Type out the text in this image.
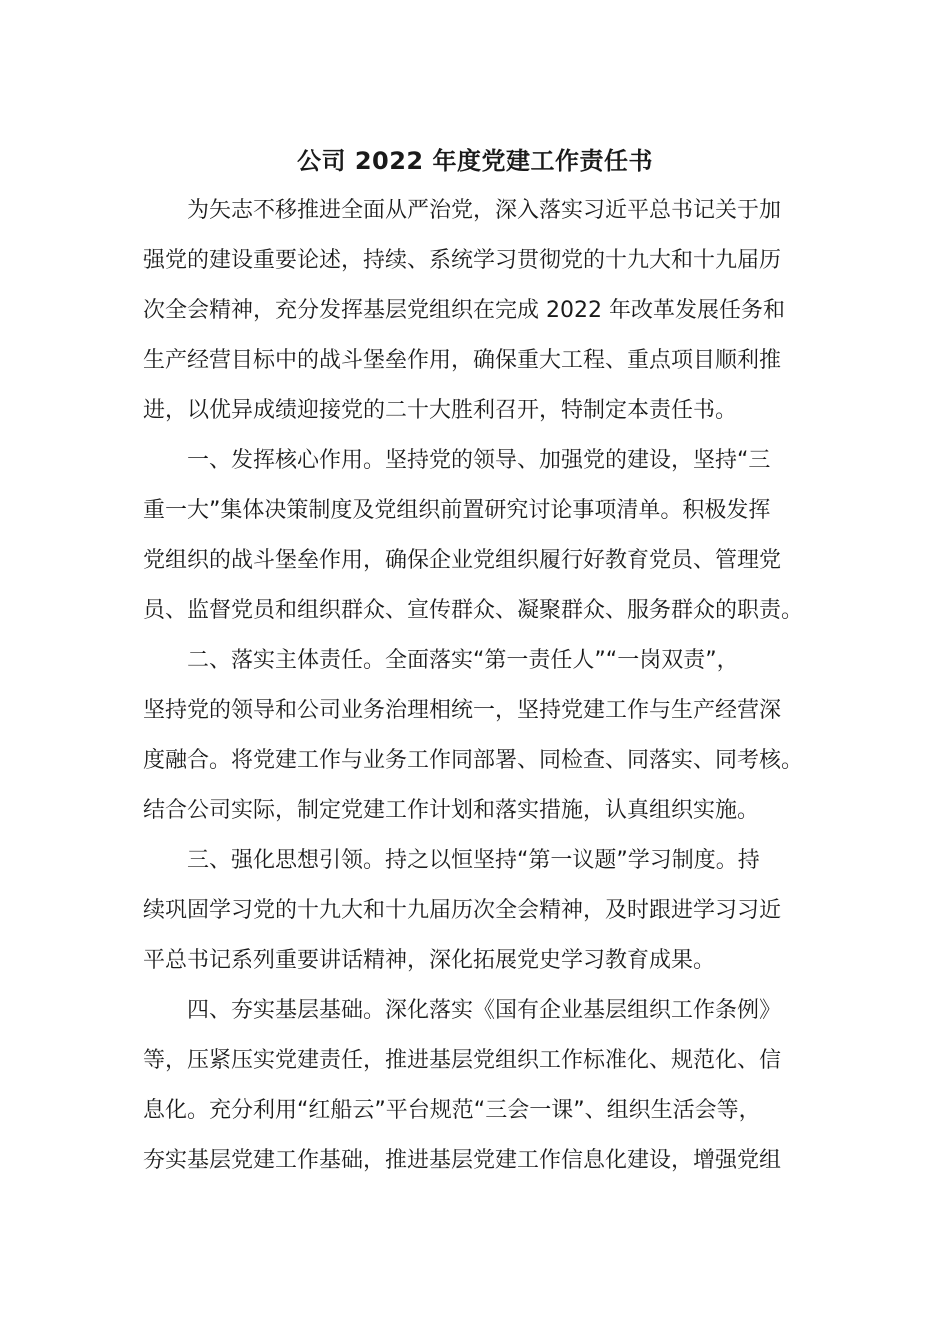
公司 2022 年度党建工作责任书
　　为矢志不移推进全面从严治党，深入落实习近平总书记关于加
强党的建设重要论述，持续、系统学习贯彻党的十九大和十九届历
次全会精神，充分发挥基层党组织在完成 2022 年改革发展任务和
生产经营目标中的战斗堡垒作用，确保重大工程、重点项目顺利推
进，以优异成绩迎接党的二十大胜利召开，特制定本责任书。
　　一、发挥核心作用。坚持党的领导、加强党的建设，坚持“三
重一大”集体决策制度及党组织前置研究讨论事项清单。积极发挥
党组织的战斗堡垒作用，确保企业党组织履行好教育党员、管理党
员、监督党员和组织群众、宣传群众、凝聚群众、服务群众的职责。
　　二、落实主体责任。全面落实“第一责任人”“一岗双责”，
坚持党的领导和公司业务治理相统一，坚持党建工作与生产经营深
度融合。将党建工作与业务工作同部署、同检查、同落实、同考核。
结合公司实际，制定党建工作计划和落实措施，认真组织实施。
　　三、强化思想引领。持之以恒坚持“第一议题”学习制度。持
续巩固学习党的十九大和十九届历次全会精神，及时跟进学习习近
平总书记系列重要讲话精神，深化拓展党史学习教育成果。
　　四、夯实基层基础。深化落实《国有企业基层组织工作条例》
等，压紧压实党建责任，推进基层党组织工作标准化、规范化、信
息化。充分利用“红船云”平台规范“三会一课”、组织生活会等，
夯实基层党建工作基础，推进基层党建工作信息化建设，增强党组
